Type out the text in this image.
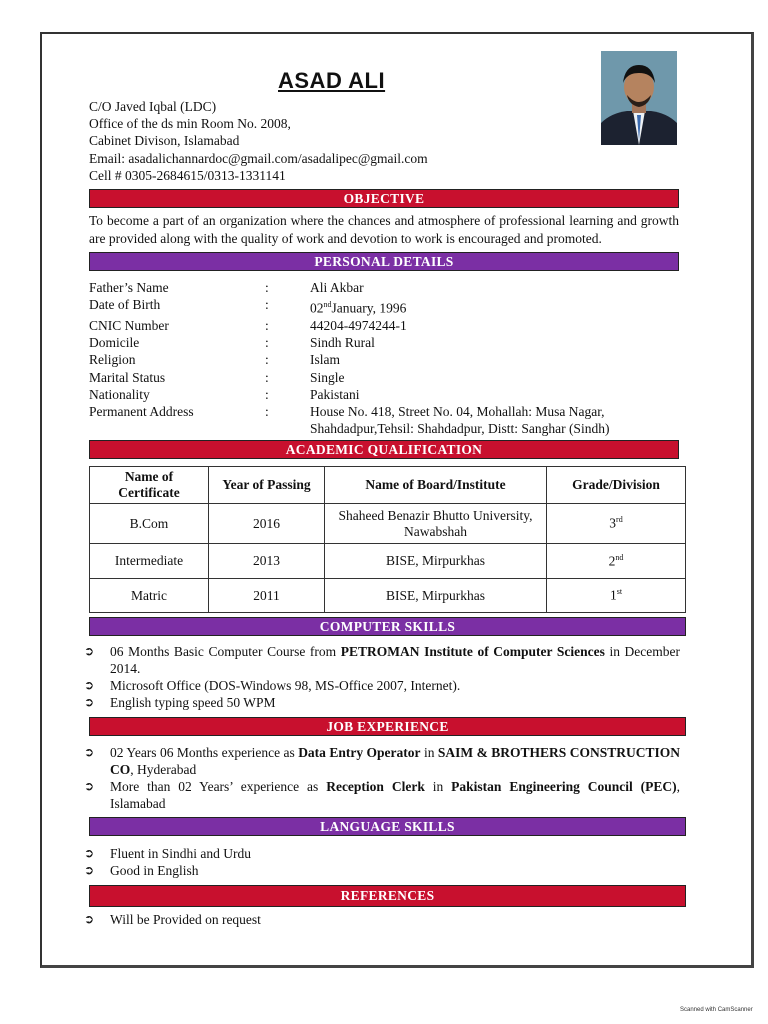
ASAD ALI
C/O Javed Iqbal (LDC)
Office of the ds min Room No. 2008,
Cabinet Divison, Islamabad
Email: asadalichannardoc@gmail.com/asadalipec@gmail.com
Cell # 0305-2684615/0313-1331141
OBJECTIVE
To become a part of an organization where the chances and atmosphere of professional learning and growth are provided along with the quality of work and devotion to work is encouraged and promoted.
PERSONAL DETAILS
Father’s Name	:	Ali Akbar
Date of Birth	:	02ndJanuary, 1996
CNIC Number	:	44204-4974244-1
Domicile	:	Sindh Rural
Religion	:	Islam
Marital Status	:	Single
Nationality	:	Pakistani
Permanent Address	:	House No. 418, Street No. 04, Mohallah: Musa Nagar, Shahdadpur,Tehsil: Shahdadpur, Distt: Sanghar (Sindh)
ACADEMIC QUALIFICATION
Name of Certificate	Year of Passing	Name of Board/Institute	Grade/Division
B.Com	2016	Shaheed Benazir Bhutto University, Nawabshah	3rd
Intermediate	2013	BISE, Mirpurkhas	2nd
Matric	2011	BISE, Mirpurkhas	1st
COMPUTER SKILLS
➲	06 Months Basic Computer Course from PETROMAN Institute of Computer Sciences in December 2014.
➲	Microsoft Office (DOS-Windows 98, MS-Office 2007, Internet).
➲	English typing speed 50 WPM
JOB EXPERIENCE
➲	02 Years 06 Months experience as Data Entry Operator in SAIM & BROTHERS CONSTRUCTION CO, Hyderabad
➲	More than 02 Years’ experience as Reception Clerk in Pakistan Engineering Council (PEC), Islamabad
LANGUAGE SKILLS
➲	Fluent in Sindhi and Urdu
➲	Good in English
REFERENCES
➲	Will be Provided on request
Scanned with CamScanner
